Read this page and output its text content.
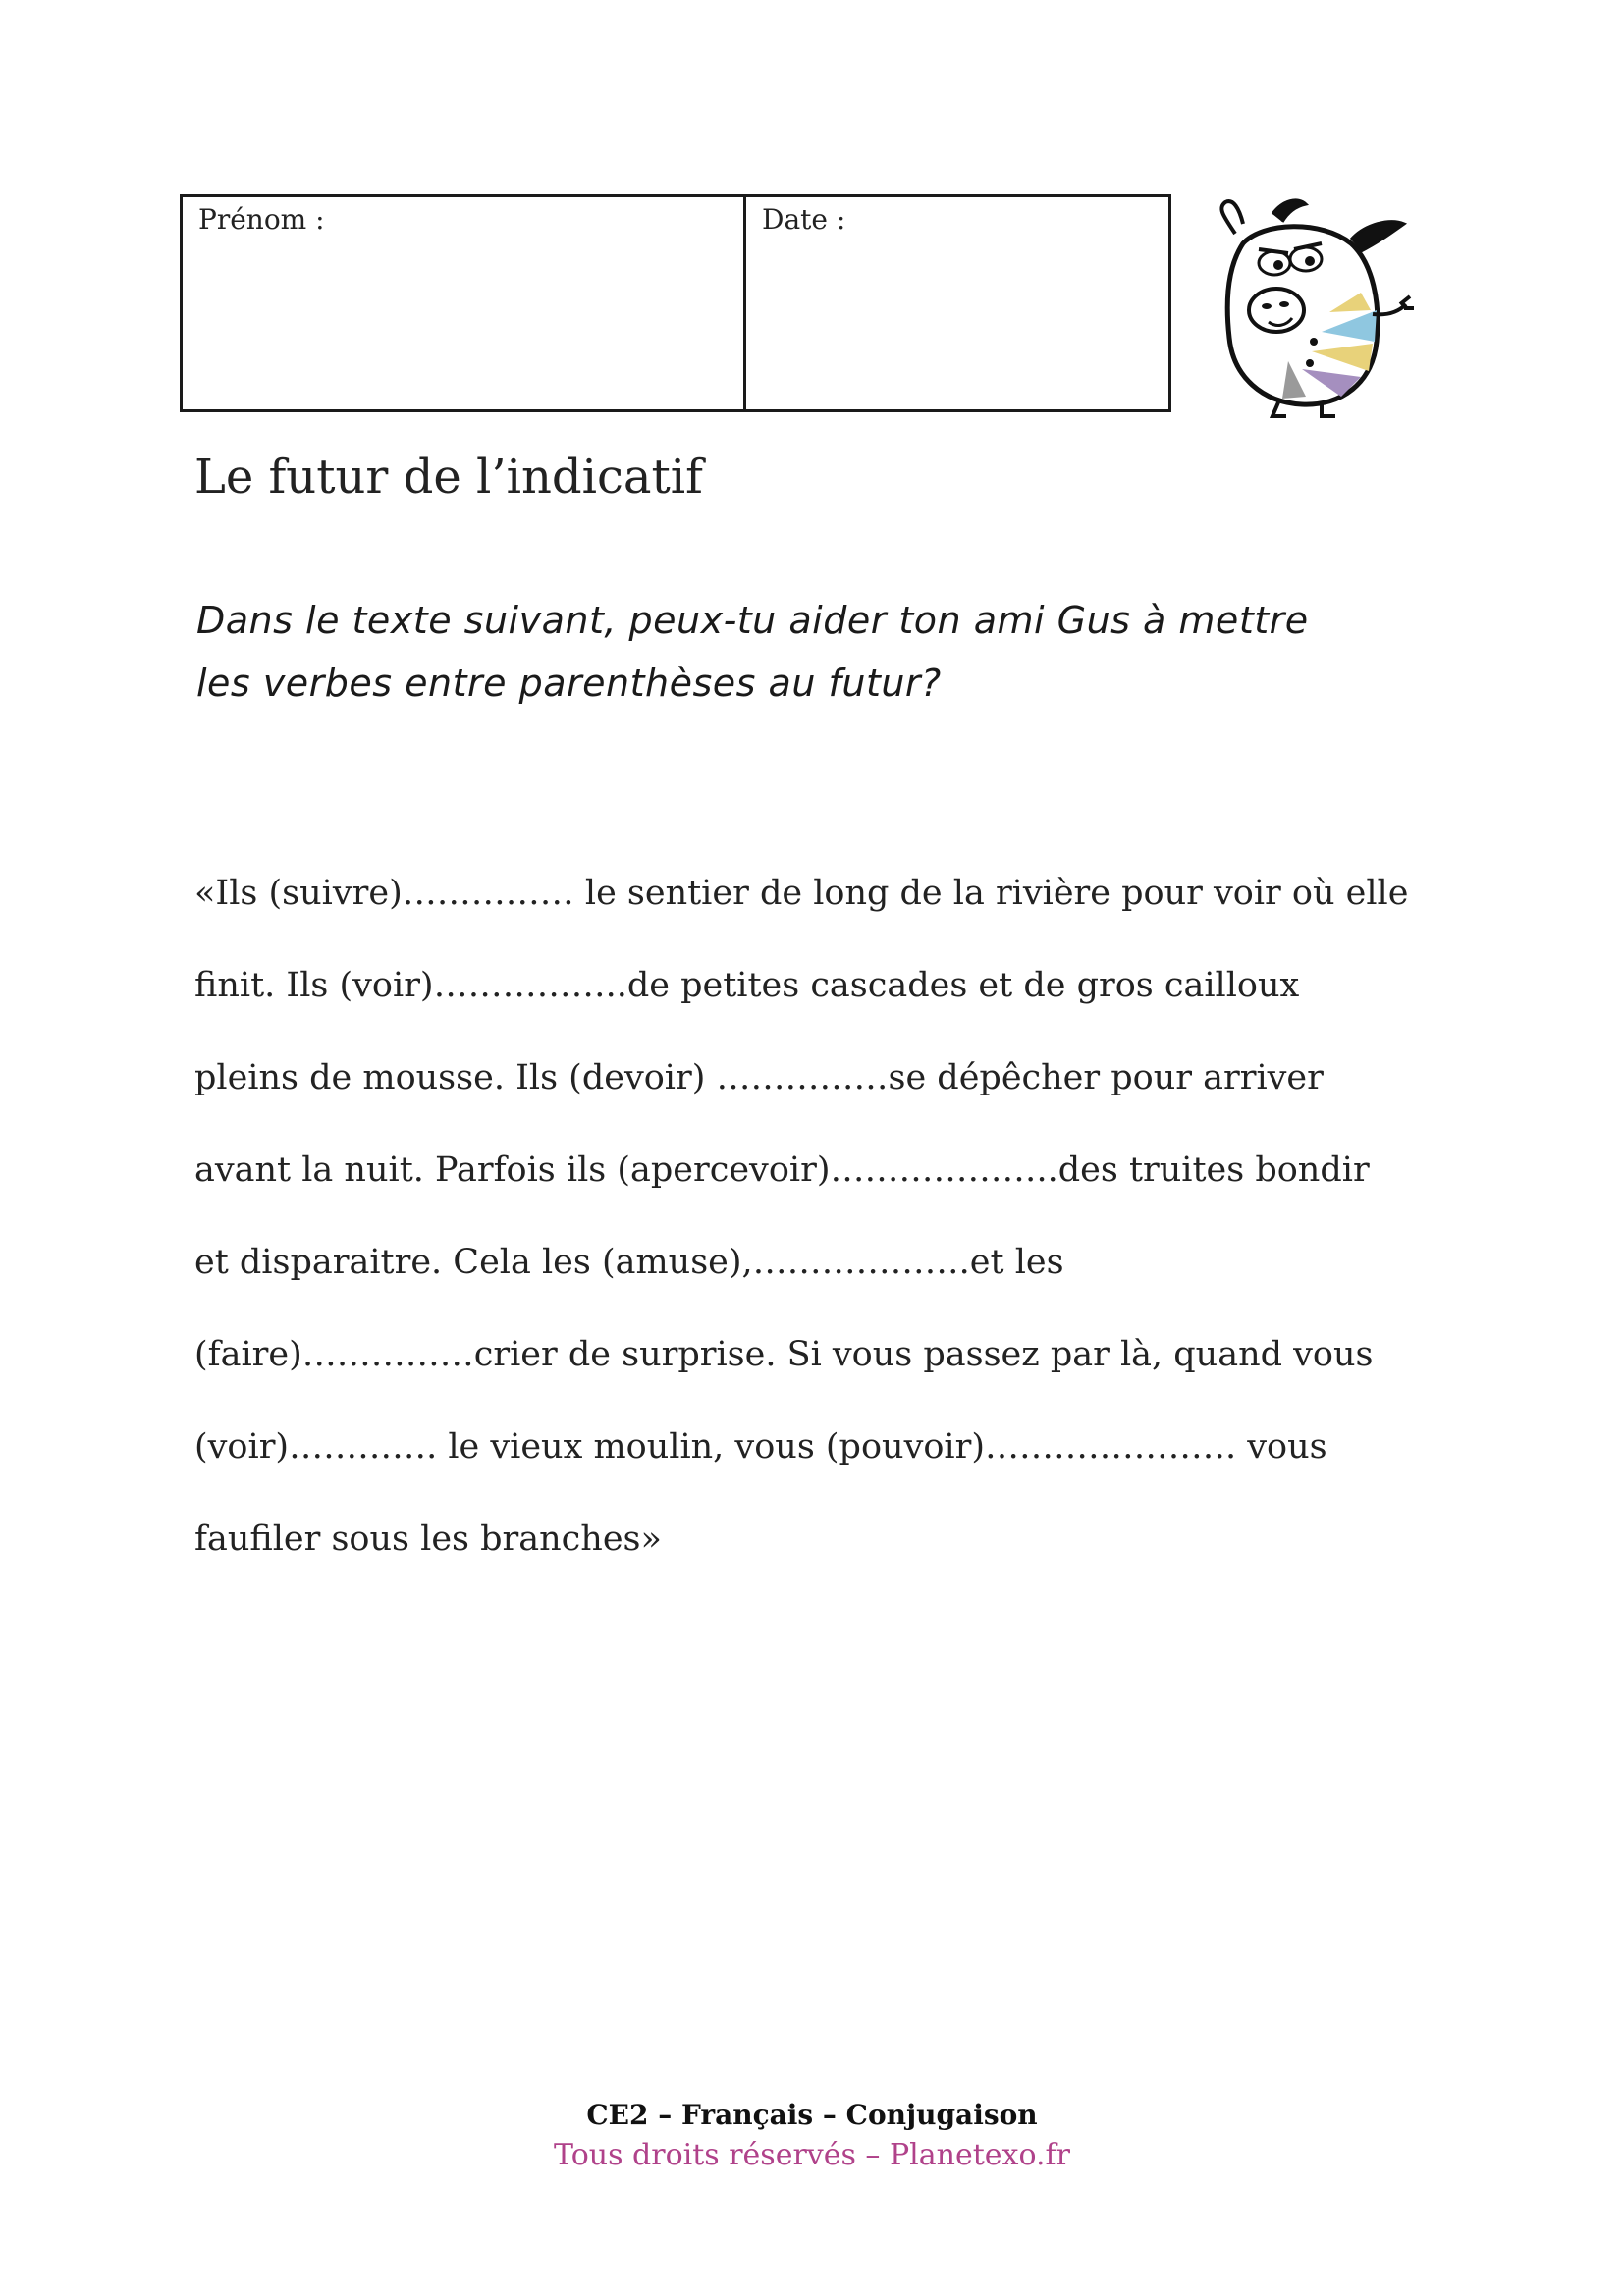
Prénom :	Date :
Le futur de l’indicatif
Dans le texte suivant, peux-tu aider ton ami Gus à mettre
les verbes entre parenthèses au futur?
«Ils (suivre)…………… le sentier de long de la rivière pour voir où elle
finit. Ils (voir)……………..de petites cascades et de gros cailloux
pleins de mousse. Ils (devoir) ……………se dépêcher pour arriver
avant la nuit. Parfois ils (apercevoir)………………..des truites bondir
et disparaitre. Cela les (amuse),……………….et les
(faire)……………crier de surprise. Si vous passez par là, quand vous
(voir)…………. le vieux moulin, vous (pouvoir)…………………. vous
faufiler sous les branches»
CE2 – Français – Conjugaison
Tous droits réservés – Planetexo.fr
